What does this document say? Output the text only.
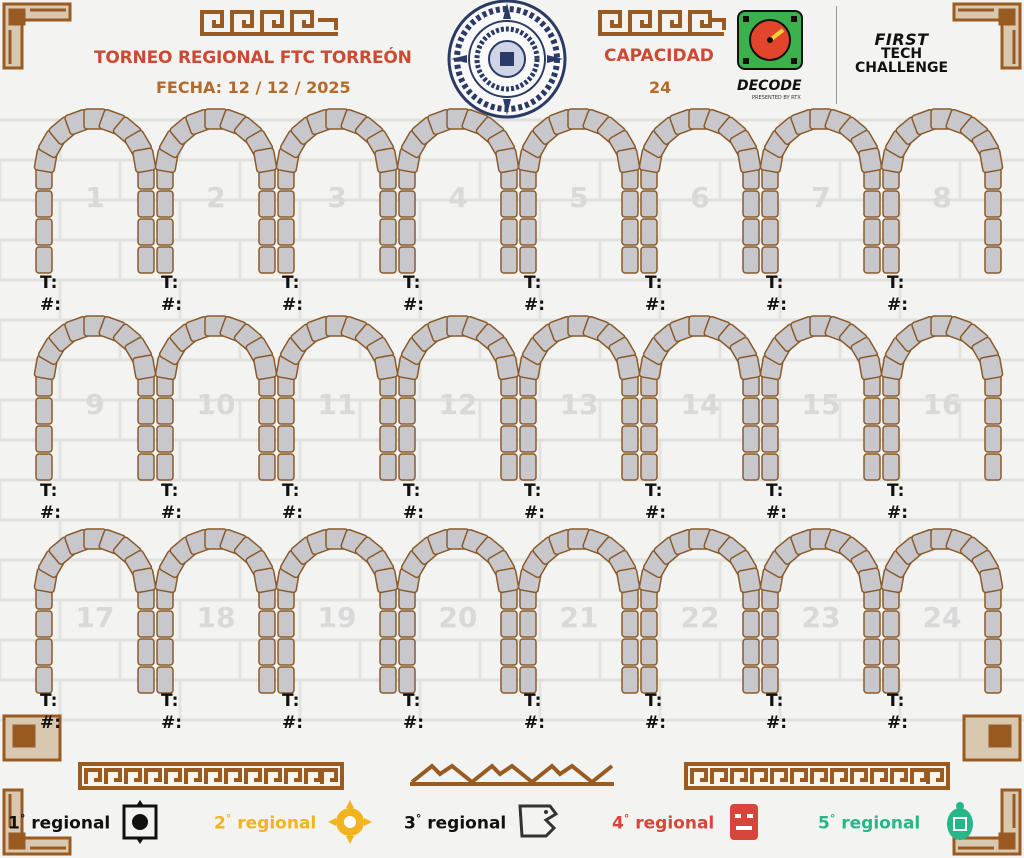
TORNEO REGIONAL FTC TORREÓN
FECHA: 12 / 12 / 2025
CAPACIDAD
24	DECODE
PRESENTED BY RTX
FIRST
TECH
CHALLENGE
1
T:
#:
2
T:
#:
3
T:
#:
4
T:
#:
5
T:
#:
6
T:
#:
7
T:
#:
8
T:
#:
9
T:
#:
10
T:
#:
11
T:
#:
12
T:
#:
13
T:
#:
14
T:
#:
15
T:
#:
16
T:
#:
17
T:
#:
18
T:
#:
19
T:
#:
20
T:
#:
21
T:
#:
22
T:
#:
23
T:
#:
24
T:
#:
1° regional	2° regional	3° regional	4° regional	5° regional
